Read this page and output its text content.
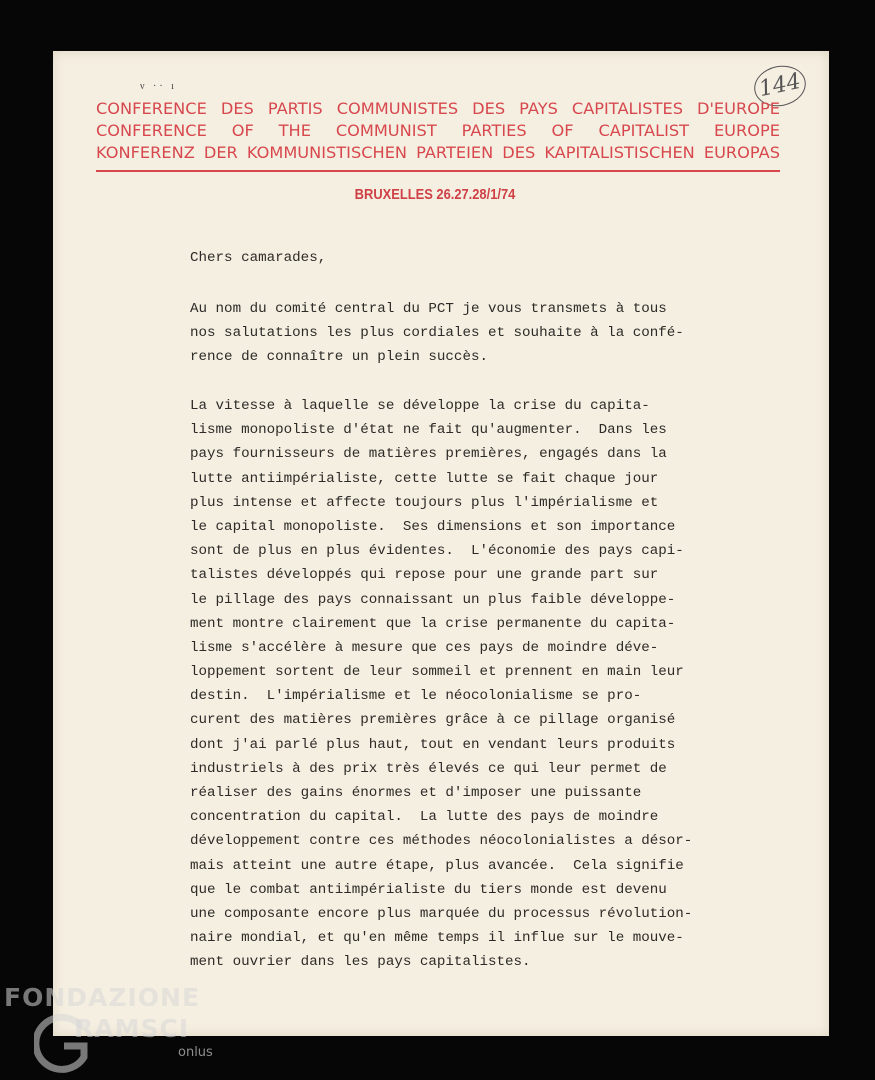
ν ·· ı	144
CONFERENCE DES PARTIS COMMUNISTES DES PAYS CAPITALISTES D'EUROPE
CONFERENCE OF THE COMMUNIST PARTIES OF CAPITALIST EUROPE
KONFERENZ DER KOMMUNISTISCHEN PARTEIEN DES KAPITALISTISCHEN EUROPAS
BRUXELLES 26.27.28/1/74
Chers camarades,
Au nom du comité central du PCT je vous transmets à tous
nos salutations les plus cordiales et souhaite à la confé-
rence de connaître un plein succès.
La vitesse à laquelle se développe la crise du capita-
lisme monopoliste d'état ne fait qu'augmenter.  Dans les
pays fournisseurs de matières premières, engagés dans la
lutte antiimpérialiste, cette lutte se fait chaque jour
plus intense et affecte toujours plus l'impérialisme et
le capital monopoliste.  Ses dimensions et son importance
sont de plus en plus évidentes.  L'économie des pays capi-
talistes développés qui repose pour une grande part sur
le pillage des pays connaissant un plus faible développe-
ment montre clairement que la crise permanente du capita-
lisme s'accélère à mesure que ces pays de moindre déve-
loppement sortent de leur sommeil et prennent en main leur
destin.  L'impérialisme et le néocolonialisme se pro-
curent des matières premières grâce à ce pillage organisé
dont j'ai parlé plus haut, tout en vendant leurs produits
industriels à des prix très élevés ce qui leur permet de
réaliser des gains énormes et d'imposer une puissante
concentration du capital.  La lutte des pays de moindre
développement contre ces méthodes néocolonialistes a désor-
mais atteint une autre étape, plus avancée.  Cela signifie
que le combat antiimpérialiste du tiers monde est devenu
une composante encore plus marquée du processus révolution-
naire mondial, et qu'en même temps il influe sur le mouve-
ment ouvrier dans les pays capitalistes.
FONDAZIONE
RAMSCI
onlus
